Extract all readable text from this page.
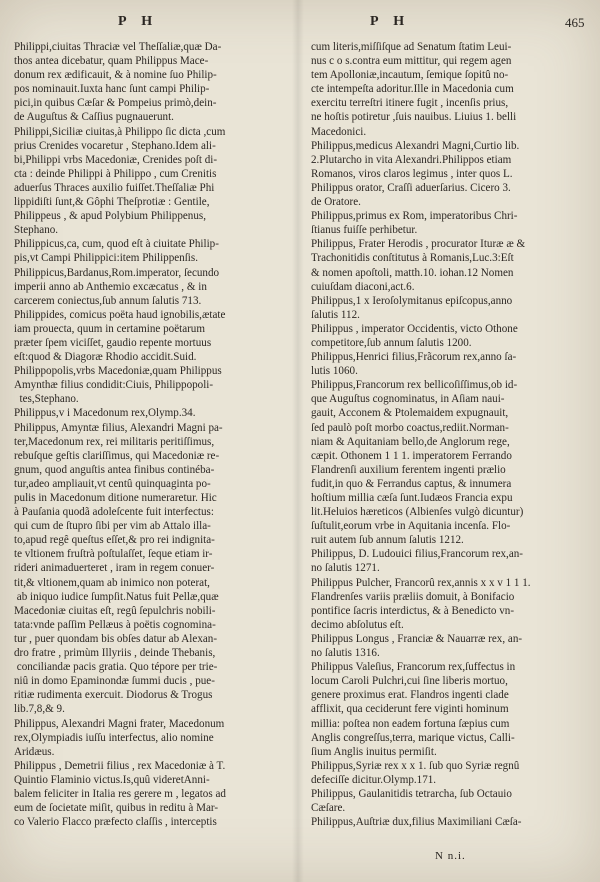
P H	P H	465
Philippi,ciuitas Thraciæ vel Theſſaliæ,quæ Da-
thos antea dicebatur, quam Philippus Mace-
donum rex ædificauit, & à nomine ſuo Philip-
pos nominauit.Iuxta hanc ſunt campi Philip-
pici,in quibus Cæſar & Pompeius primò,dein-
de Auguſtus & Caſſius pugnauerunt.
Philippi,Siciliæ ciuitas,à Philippo ſic dicta ,cum
prius Crenides vocaretur , Stephano.Idem ali-
bi,Philippi vrbs Macedoniæ, Crenides poſt di-
cta : deinde Philippi à Philippo , cum Crenitis
aduerſus Thraces auxilio fuiſſet.Theſſaliæ Phi
lippidiſti ſunt,& Gôphi Theſprotiæ : Gentile,
Philippeus , & apud Polybium Philippenus,
Stephano.
Philippicus,ca, cum, quod eſt à ciuitate Philip-
pis,vt Campi Philippici:item Philippenſis.
Philippicus,Bardanus,Rom.imperator, ſecundo
imperii anno ab Anthemio excæcatus , & in
carcerem coniectus,ſub annum ſalutis 713.
Philippides, comicus poëta haud ignobilis,ætate
iam prouecta, quum in certamine poëtarum
præter ſpem viciſſet, gaudio repente mortuus
eſt:quod & Diagoræ Rhodio accidit.Suid.
Philippopolis,vrbs Macedoniæ,quam Philippus
Amynthæ filius condidit:Ciuis, Philippopoli-
tes,Stephano.
Philippus,v i Macedonum rex,Olymp.34.
Philippus, Amyntæ filius, Alexandri Magni pa-
ter,Macedonum rex, rei militaris peritiſſimus,
rebuſque geſtis clariſſimus, qui Macedoniæ re-
gnum, quod anguſtis antea finibus continéba-
tur,adeo ampliauit,vt centû quinquaginta po-
pulis in Macedonum ditione numeraretur. Hic
à Pauſania quodã adoleſcente fuit interfectus:
qui cum de ſtupro ſibi per vim ab Attalo illa-
to,apud regê queſtus eſſet,& pro rei indignita-
te vltionem fruſtrà poſtulaſſet, ſeque etiam ir-
rideri animaduerteret , iram in regem conuer-
tit,& vltionem,quam ab inimico non poterat,
ab iniquo iudice ſumpſit.Natus fuit Pellæ,quæ
Macedoniæ ciuitas eſt, regû ſepulchris nobili-
tata:vnde paſſim Pellæus à poëtis cognomina-
tur , puer quondam bis obſes datur ab Alexan-
dro fratre , primùm Illyriis , deinde Thebanis,
conciliandæ pacis gratia. Quo tépore per trie-
niû in domo Epaminondæ ſummi ducis , pue-
ritiæ rudimenta exercuit. Diodorus & Trogus
lib.7,8,& 9.
Philippus, Alexandri Magni frater, Macedonum
rex,Olympiadis iuſſu interfectus, alio nomine
Aridæus.
Philippus , Demetrii filius , rex Macedoniæ à T.
Quintio Flaminio victus.Is,quû videretAnni-
balem feliciter in Italia res gerere m , legatos ad
eum de ſocietate miſit, quibus in reditu à Mar-
co Valerio Flacco præfecto claſſis , interceptis
cum literis,miſſiſque ad Senatum ſtatim Leui-
nus c o s.contra eum mittitur, qui regem agen
tem Apolloniæ,incautum, ſemique ſopitû no-
cte intempeſta adoritur.Ille in Macedonia cum
exercitu terreſtri itinere fugit , incenſis prius,
ne hoſtis potiretur ,ſuis nauibus. Liuius 1. belli
Macedonici.
Philippus,medicus Alexandri Magni,Curtio lib.
2.Plutarcho in vita Alexandri.Philippos etiam
Romanos, viros claros legimus , inter quos L.
Philippus orator, Craſſi aduerſarius. Cicero 3.
de Oratore.
Philippus,primus ex Rom, imperatoribus Chri-
ſtianus fuiſſe perhibetur.
Philippus, Frater Herodis , procurator Ituræ æ &
Trachonitidis conſtitutus à Romanis,Luc.3:Eſt
& nomen apoſtoli, matth.10. iohan.12 Nomen
cuiuſdam diaconi,act.6.
Philippus,1 x Ieroſolymitanus epiſcopus,anno
ſalutis 112.
Philippus , imperator Occidentis, victo Othone
competitore,ſub annum ſalutis 1200.
Philippus,Henrici filius,Frãcorum rex,anno ſa-
lutis 1060.
Philippus,Francorum rex bellicoſiſſimus,ob id-
que Auguſtus cognominatus, in Aſiam naui-
gauit, Acconem & Ptolemaidem expugnauit,
ſed paulò poſt morbo coactus,rediit.Norman-
niam & Aquitaniam bello,de Anglorum rege,
cæpit. Othonem 1 1 1. imperatorem Ferrando
Flandrenſi auxilium ferentem ingenti prælio
fudit,in quo & Ferrandus captus, & innumera
hoſtium millia cæſa ſunt.Iudæos Francia expu
lit.Heluios hæreticos (Albienſes vulgò dicuntur)
ſuſtulit,eorum vrbe in Aquitania incenſa. Flo-
ruit autem ſub annum ſalutis 1212.
Philippus, D. Ludouici filius,Francorum rex,an-
no ſalutis 1271.
Philippus Pulcher, Francorû rex,annis x x v 1 1 1.
Flandrenſes variis præliis domuit, à Bonifacio
pontifice ſacris interdictus, & à Benedicto vn-
decimo abſolutus eſt.
Philippus Longus , Franciæ & Nauarræ rex, an-
no ſalutis 1316.
Philippus Valeſius, Francorum rex,ſuffectus in
locum Caroli Pulchri,cui ſine liberis mortuo,
genere proximus erat. Flandros ingenti clade
afflixit, qua ceciderunt fere viginti hominum
millia: poſtea non eadem fortuna ſæpius cum
Anglis congreſſus,terra, marique victus, Calli-
ſium Anglis inuitus permiſit.
Philippus,Syriæ rex x x 1. ſub quo Syriæ regnû
defeciſſe dicitur.Olymp.171.
Philippus, Gaulanitidis tetrarcha, ſub Octauio
Cæſare.
Philippus,Auſtriæ dux,filius Maximiliani Cæſa-
N n.i.
